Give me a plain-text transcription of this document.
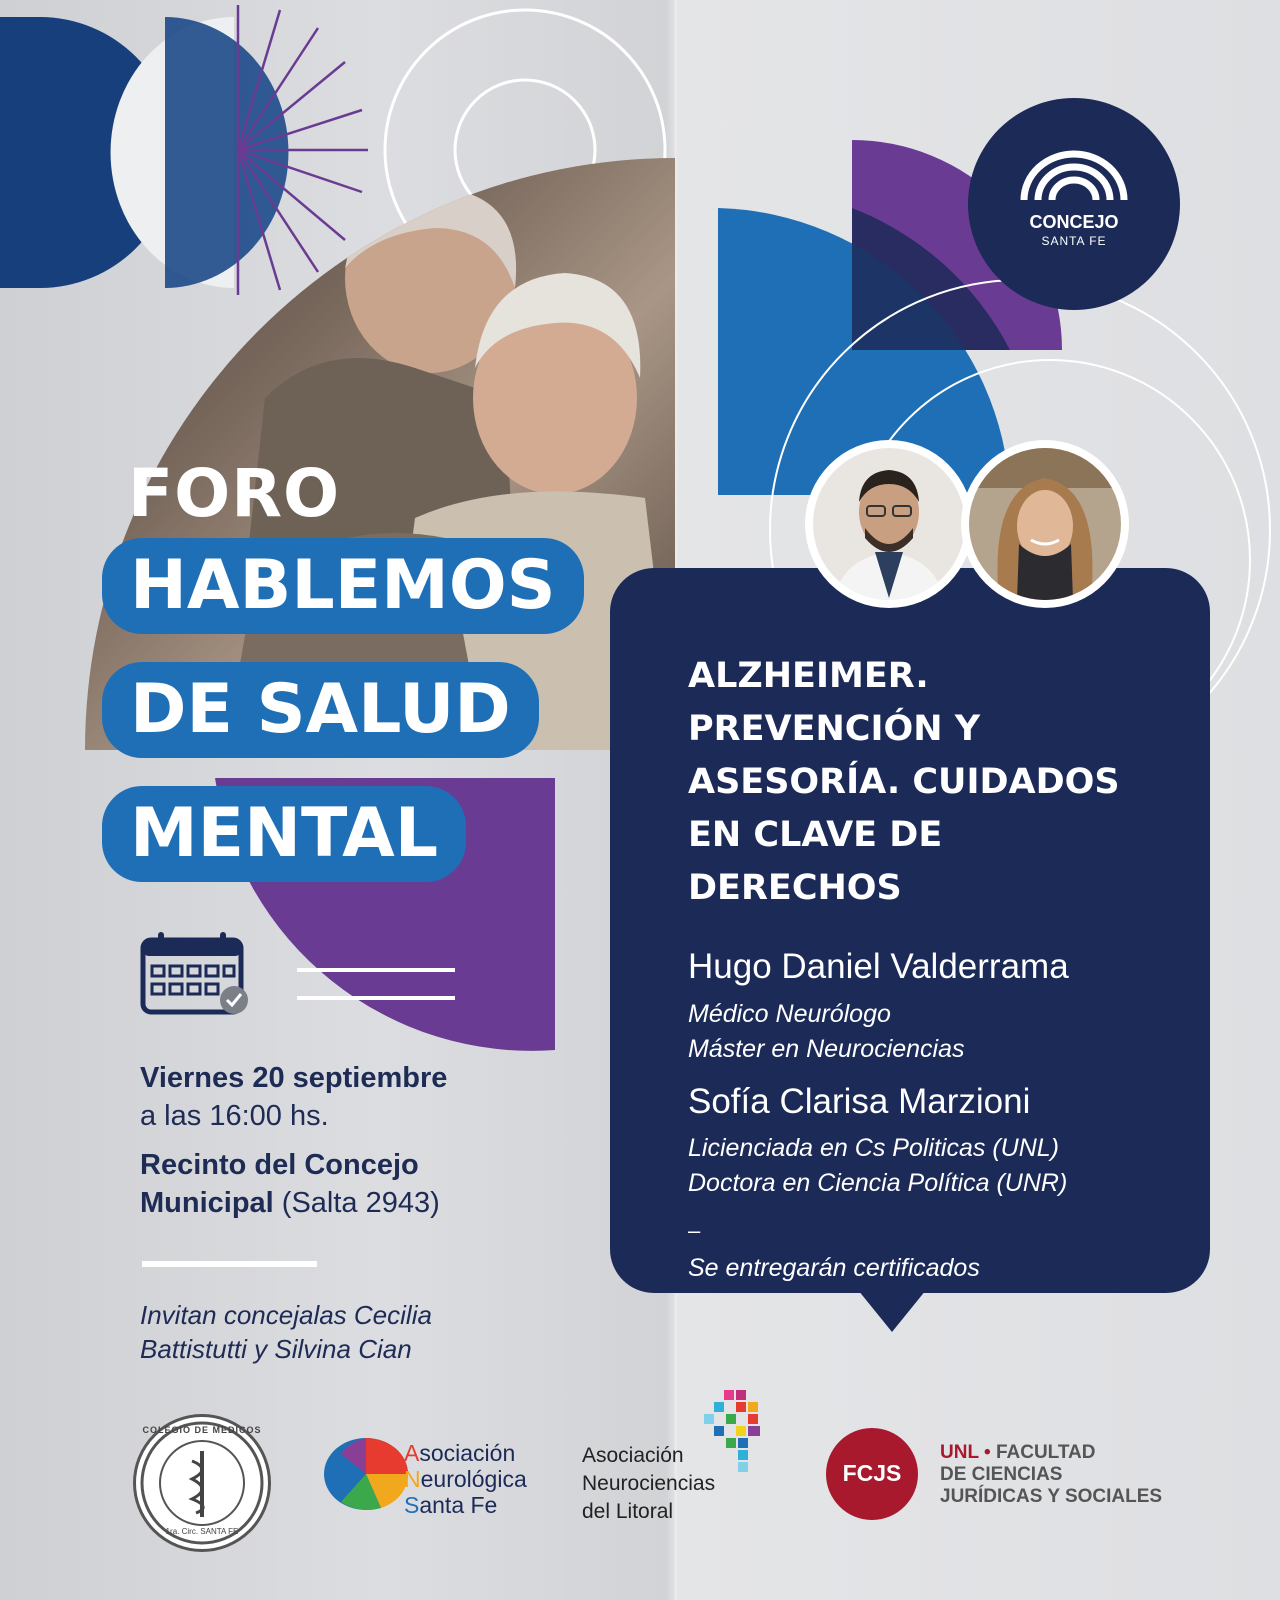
FORO
HABLEMOS
DE SALUD
MENTAL
Viernes 20 septiembre
a las 16:00 hs.
Recinto del Concejo
Municipal (Salta 2943)
Invitan concejalas Cecilia
Battistutti y Silvina Cian
CONCEJO
SANTA FE
ALZHEIMER.
PREVENCIÓN Y
ASESORÍA. CUIDADOS
EN CLAVE DE
DERECHOS
Hugo Daniel Valderrama
Médico Neurólogo
Máster en Neurociencias
Sofía Clarisa Marzioni
Licienciada en Cs Politicas (UNL)
Doctora en Ciencia Política (UNR)
–
Se entregarán certificados
COLEGIO DE MEDICOS
1ra. Circ. SANTA FE
Asociación
Neurológica
Santa Fe
Asociación
Neurociencias
del Litoral
FCJS
UNL • FACULTAD
DE CIENCIAS
JURÍDICAS Y SOCIALES
